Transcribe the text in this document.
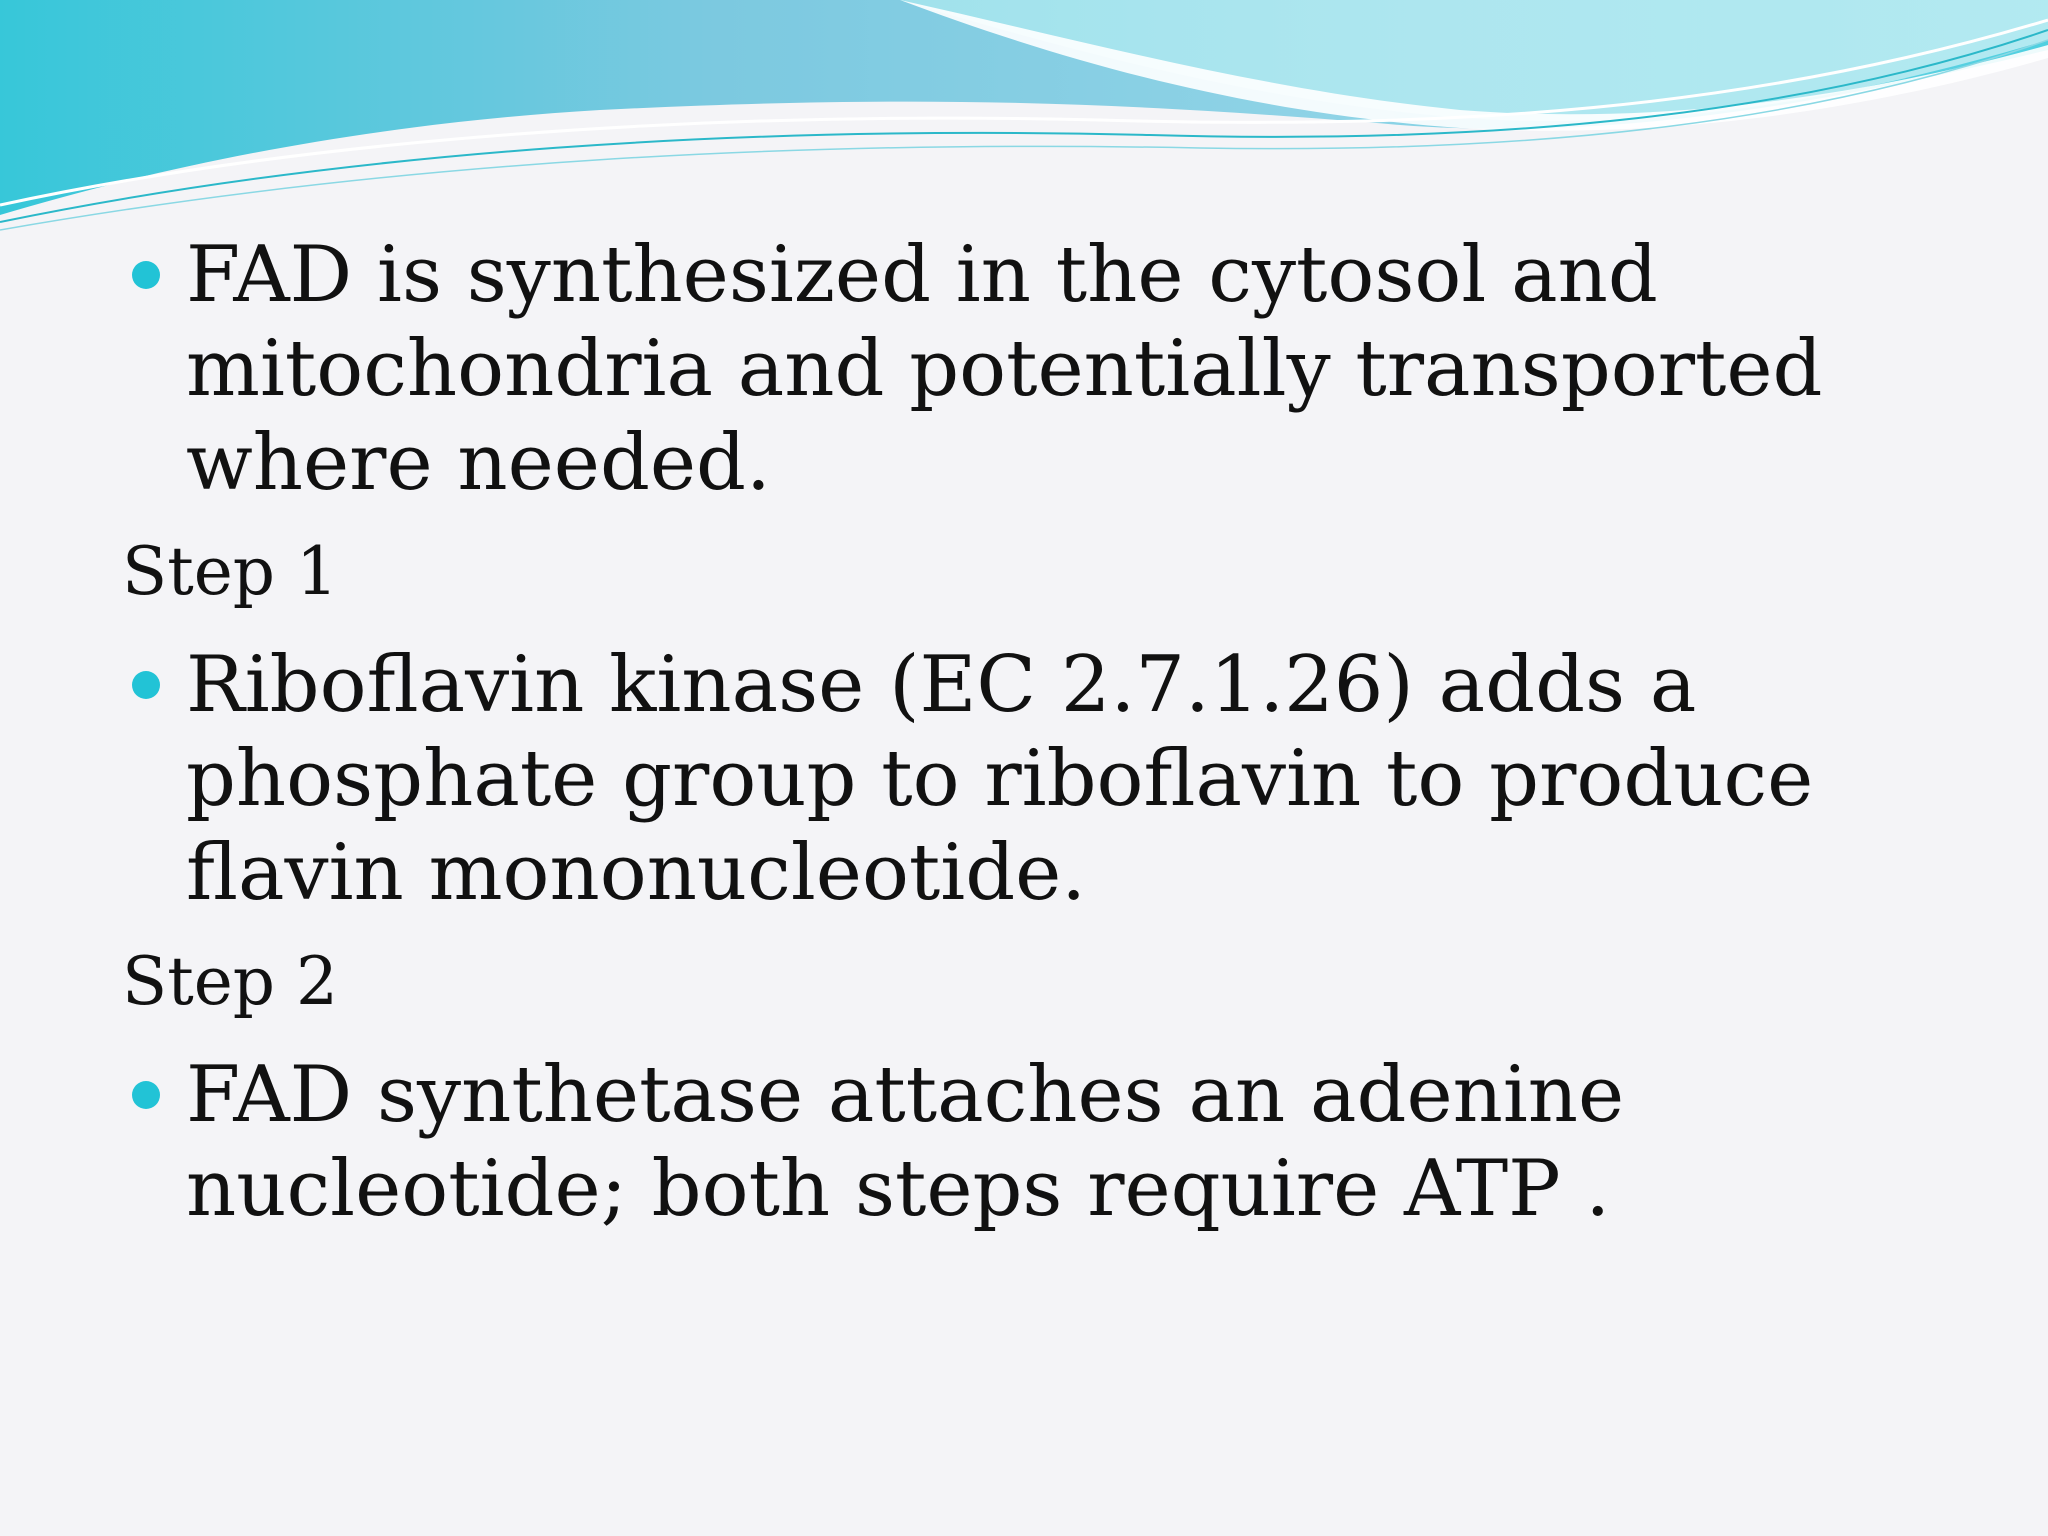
FAD is synthesized in the cytosol and mitochondria and potentially transported where needed.
Step 1
Riboflavin kinase (EC 2.7.1.26) adds a phosphate group to riboflavin to produce flavin mononucleotide.
Step 2
FAD synthetase attaches an adenine nucleotide; both steps require ATP .
